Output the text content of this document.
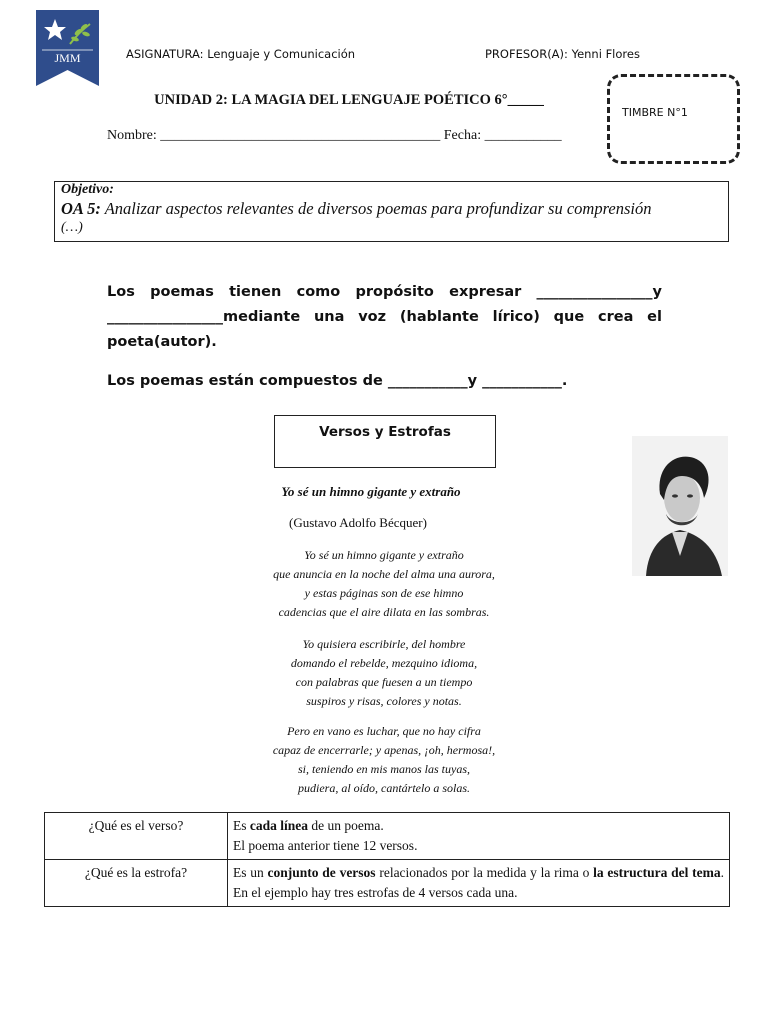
JMM	ASIGNATURA: Lenguaje y Comunicación	PROFESOR(A): Yenni Flores
TIMBRE N°1
UNIDAD 2: LA MAGIA DEL LENGUAJE POÉTICO 6°_____
Nombre: ________________________________________ Fecha: ___________
Objetivo:
OA 5: Analizar aspectos relevantes de diversos poemas para profundizar su comprensión
(…)
Los poemas tienen como propósito expresar ________________y
________________mediante una voz (hablante lírico) que crea el
poeta(autor).
Los poemas están compuestos de ___________y ___________.
Versos y Estrofas
Yo sé un himno gigante y extraño
(Gustavo Adolfo Bécquer)
Yo sé un himno gigante y extraño
que anuncia en la noche del alma una aurora,
y estas páginas son de ese himno
cadencias que el aire dilata en las sombras.
Yo quisiera escribirle, del hombre
domando el rebelde, mezquino idioma,
con palabras que fuesen a un tiempo
suspiros y risas, colores y notas.
Pero en vano es luchar, que no hay cifra
capaz de encerrarle; y apenas, ¡oh, hermosa!,
si, teniendo en mis manos las tuyas,
pudiera, al oído, cantártelo a solas.
¿Qué es el verso?	Es cada línea de un poema.
El poema anterior tiene 12 versos.
¿Qué es la estrofa?	Es un conjunto de versos relacionados por la medida y la rima o la estructura del tema. En el ejemplo hay tres estrofas de 4 versos cada una.
